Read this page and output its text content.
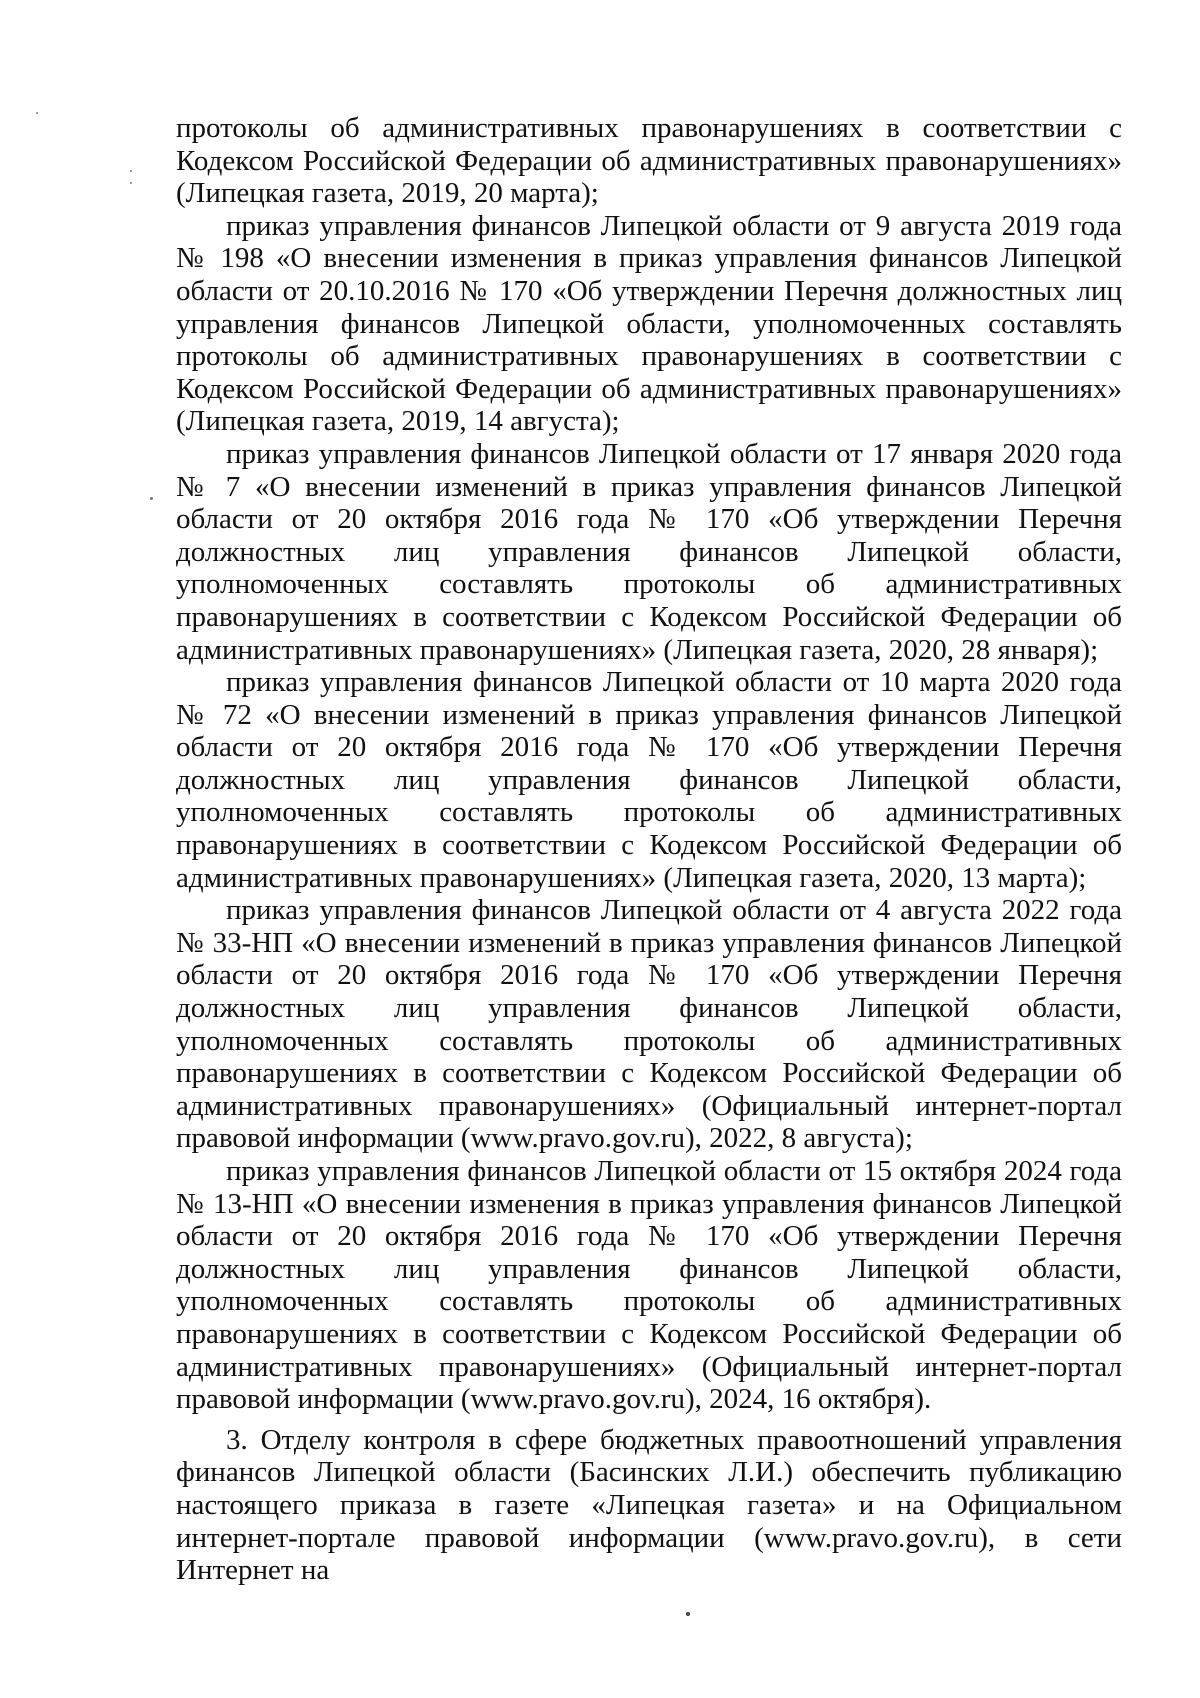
протоколы об административных правонарушениях в соответствии с Кодексом Российской Федерации об административных правонарушениях» (Липецкая газета, 2019, 20 марта);

приказ управления финансов Липецкой области от 9 августа 2019 года № 198 «О внесении изменения в приказ управления финансов Липецкой области от 20.10.2016 № 170 «Об утверждении Перечня должностных лиц управления финансов Липецкой области, уполномоченных составлять протоколы об административных правонарушениях в соответствии с Кодексом Российской Федерации об административных правонарушениях» (Липецкая газета, 2019, 14 августа);

приказ управления финансов Липецкой области от 17 января 2020 года № 7 «О внесении изменений в приказ управления финансов Липецкой области от 20 октября 2016 года № 170 «Об утверждении Перечня должностных лиц управления финансов Липецкой области, уполномоченных составлять протоколы об административных правонарушениях в соответствии с Кодексом Российской Федерации об административных правонарушениях» (Липецкая газета, 2020, 28 января);

приказ управления финансов Липецкой области от 10 марта 2020 года № 72 «О внесении изменений в приказ управления финансов Липецкой области от 20 октября 2016 года № 170 «Об утверждении Перечня должностных лиц управления финансов Липецкой области, уполномоченных составлять протоколы об административных правонарушениях в соответствии с Кодексом Российской Федерации об административных правонарушениях» (Липецкая газета, 2020, 13 марта);

приказ управления финансов Липецкой области от 4 августа 2022 года № 33-НП «О внесении изменений в приказ управления финансов Липецкой области от 20 октября 2016 года № 170 «Об утверждении Перечня должностных лиц управления финансов Липецкой области, уполномоченных составлять протоколы об административных правонарушениях в соответствии с Кодексом Российской Федерации об административных правонарушениях» (Официальный интернет-портал правовой информации (www.pravo.gov.ru), 2022, 8 августа);

приказ управления финансов Липецкой области от 15 октября 2024 года № 13-НП «О внесении изменения в приказ управления финансов Липецкой области от 20 октября 2016 года № 170 «Об утверждении Перечня должностных лиц управления финансов Липецкой области, уполномоченных составлять протоколы об административных правонарушениях в соответствии с Кодексом Российской Федерации об административных правонарушениях» (Официальный интернет-портал правовой информации (www.pravo.gov.ru), 2024, 16 октября).

3. Отделу контроля в сфере бюджетных правоотношений управления финансов Липецкой области (Басинских Л.И.) обеспечить публикацию настоящего приказа в газете «Липецкая газета» и на Официальном интернет-портале правовой информации (www.pravo.gov.ru), в сети Интернет на
